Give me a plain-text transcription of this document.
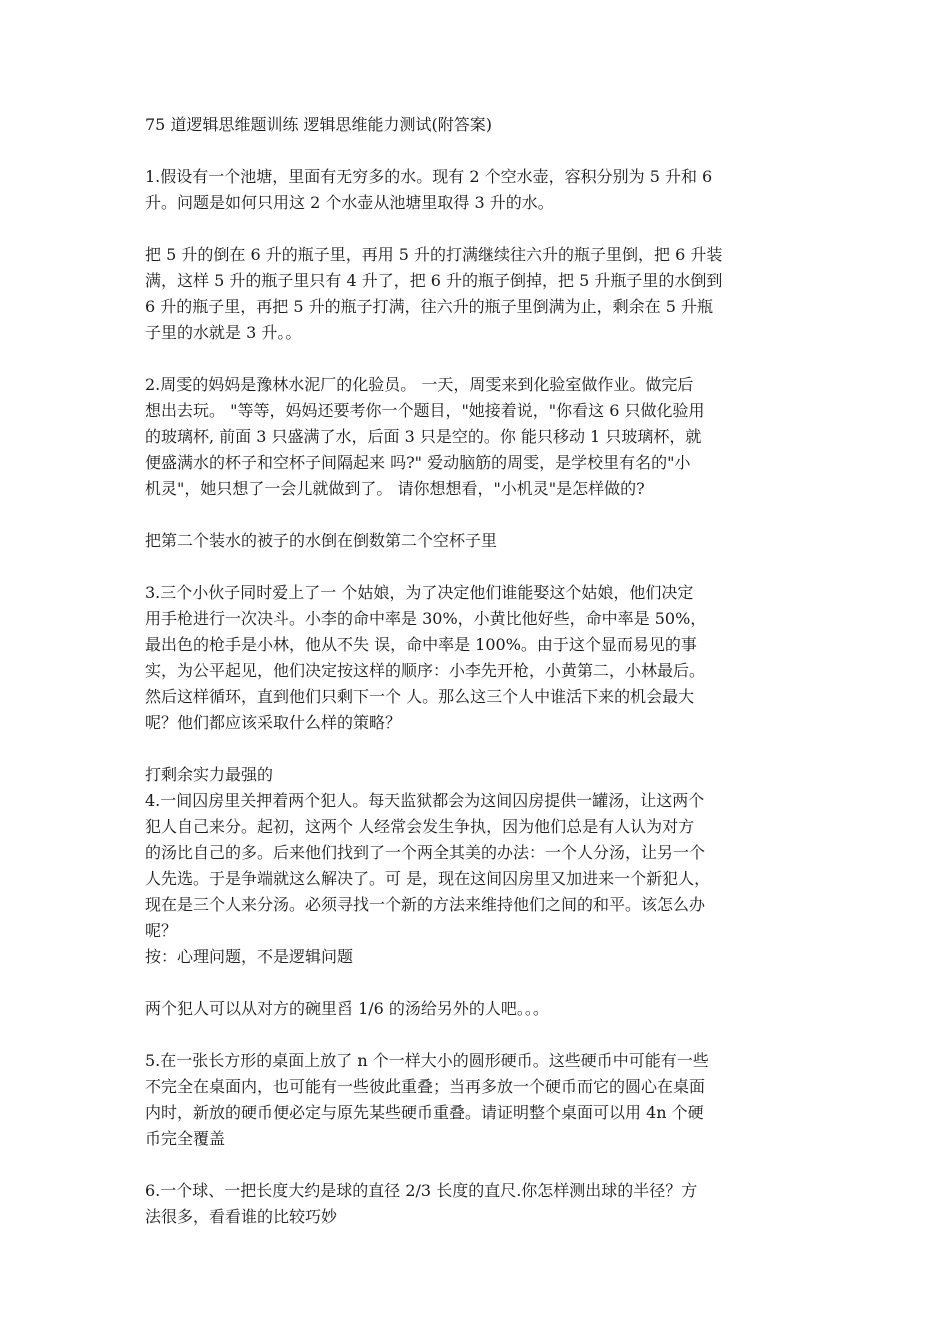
75 道逻辑思维题训练 逻辑思维能力测试(附答案)
1.假设有一个池塘，里面有无穷多的水。现有 2 个空水壶，容积分别为 5 升和 6
升。问题是如何只用这 2 个水壶从池塘里取得 3 升的水。
把 5 升的倒在 6 升的瓶子里，再用 5 升的打满继续往六升的瓶子里倒，把 6 升装
满，这样 5 升的瓶子里只有 4 升了，把 6 升的瓶子倒掉，把 5 升瓶子里的水倒到
6 升的瓶子里，再把 5 升的瓶子打满，往六升的瓶子里倒满为止，剩余在 5 升瓶
子里的水就是 3 升。。
2.周雯的妈妈是豫林水泥厂的化验员。 一天，周雯来到化验室做作业。做完后
想出去玩。 "等等，妈妈还要考你一个题目，"她接着说，"你看这 6 只做化验用
的玻璃杯, 前面 3 只盛满了水，后面 3 只是空的。你 能只移动 1 只玻璃杯，就
便盛满水的杯子和空杯子间隔起来 吗?" 爱动脑筋的周雯，是学校里有名的"小
机灵"，她只想了一会儿就做到了。 请你想想看，"小机灵"是怎样做的?
把第二个装水的被子的水倒在倒数第二个空杯子里
3.三个小伙子同时爱上了一 个姑娘，为了决定他们谁能娶这个姑娘，他们决定
用手枪进行一次决斗。小李的命中率是 30%，小黄比他好些，命中率是 50%，
最出色的枪手是小林，他从不失 误，命中率是 100%。由于这个显而易见的事
实，为公平起见，他们决定按这样的顺序：小李先开枪，小黄第二，小林最后。
然后这样循环，直到他们只剩下一个 人。那么这三个人中谁活下来的机会最大
呢？他们都应该采取什么样的策略？
打剩余实力最强的
4.一间囚房里关押着两个犯人。每天监狱都会为这间囚房提供一罐汤，让这两个
犯人自己来分。起初，这两个 人经常会发生争执，因为他们总是有人认为对方
的汤比自己的多。后来他们找到了一个两全其美的办法：一个人分汤，让另一个
人先选。于是争端就这么解决了。可 是，现在这间囚房里又加进来一个新犯人，
现在是三个人来分汤。必须寻找一个新的方法来维持他们之间的和平。该怎么办
呢？
按：心理问题，不是逻辑问题
两个犯人可以从对方的碗里舀 1/6 的汤给另外的人吧。。。
5.在一张长方形的桌面上放了 n 个一样大小的圆形硬币。这些硬币中可能有一些
不完全在桌面内，也可能有一些彼此重叠；当再多放一个硬币而它的圆心在桌面
内时，新放的硬币便必定与原先某些硬币重叠。请证明整个桌面可以用 4n 个硬
币完全覆盖
6.一个球、一把长度大约是球的直径 2/3 长度的直尺.你怎样测出球的半径？方
法很多，看看谁的比较巧妙
